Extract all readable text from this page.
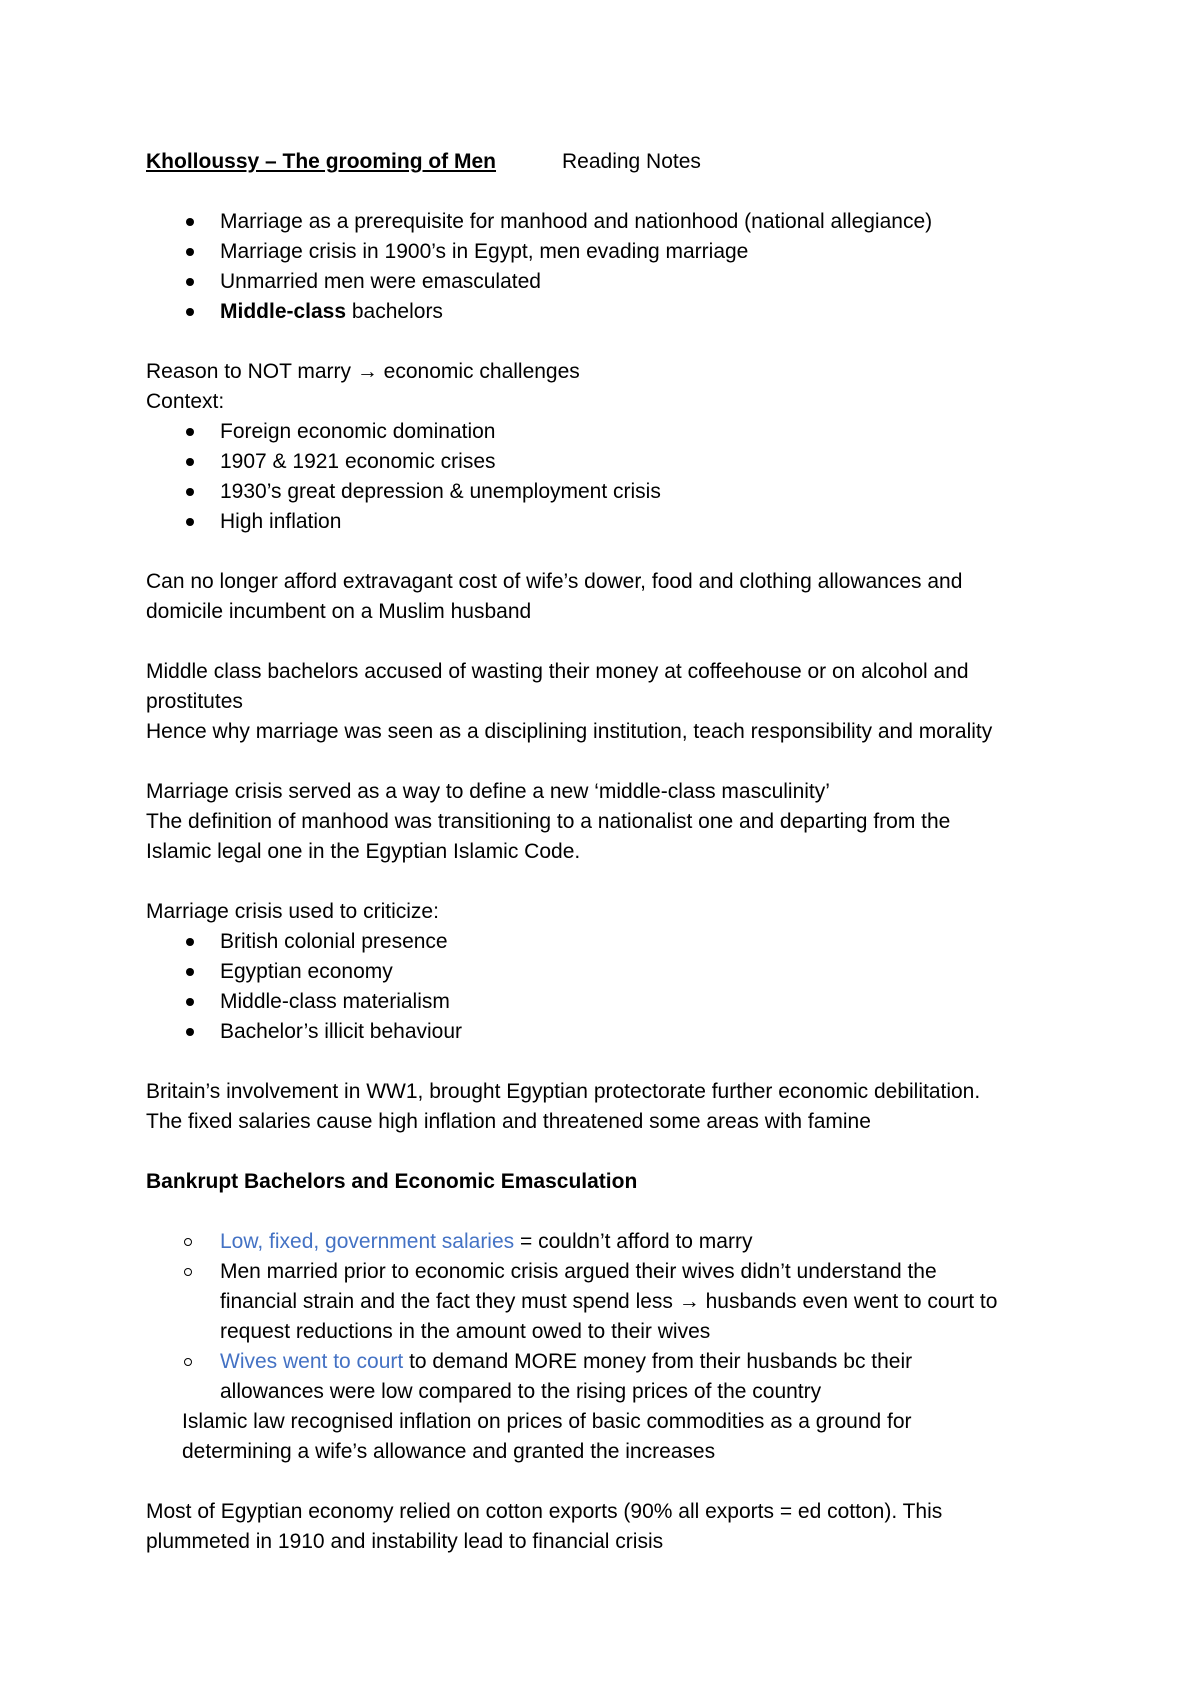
Kholloussy – The grooming of Men	Reading Notes
Marriage as a prerequisite for manhood and nationhood (national allegiance)
Marriage crisis in 1900’s in Egypt, men evading marriage
Unmarried men were emasculated
Middle-class bachelors

Reason to NOT marry → economic challenges

Context:

Foreign economic domination
1907 & 1921 economic crises
1930’s great depression & unemployment crisis
High inflation

Can no longer afford extravagant cost of wife’s dower, food and clothing allowances and
domicile incumbent on a Muslim husband

Middle class bachelors accused of wasting their money at coffeehouse or on alcohol and
prostitutes
Hence why marriage was seen as a disciplining institution, teach responsibility and morality

Marriage crisis served as a way to define a new ‘middle-class masculinity’
The definition of manhood was transitioning to a nationalist one and departing from the
Islamic legal one in the Egyptian Islamic Code.

Marriage crisis used to criticize:

British colonial presence
Egyptian economy
Middle-class materialism
Bachelor’s illicit behaviour

Britain’s involvement in WW1, brought Egyptian protectorate further economic debilitation.
The fixed salaries cause high inflation and threatened some areas with famine

Bankrupt Bachelors and Economic Emasculation

Low, fixed, government salaries = couldn’t afford to marry
Men married prior to economic crisis argued their wives didn’t understand the
financial strain and the fact they must spend less → husbands even went to court to
request reductions in the amount owed to their wives
Wives went to court to demand MORE money from their husbands bc their
allowances were low compared to the rising prices of the country

Islamic law recognised inflation on prices of basic commodities as a ground for
determining a wife’s allowance and granted the increases

Most of Egyptian economy relied on cotton exports (90% all exports = ed cotton). This
plummeted in 1910 and instability lead to financial crisis
